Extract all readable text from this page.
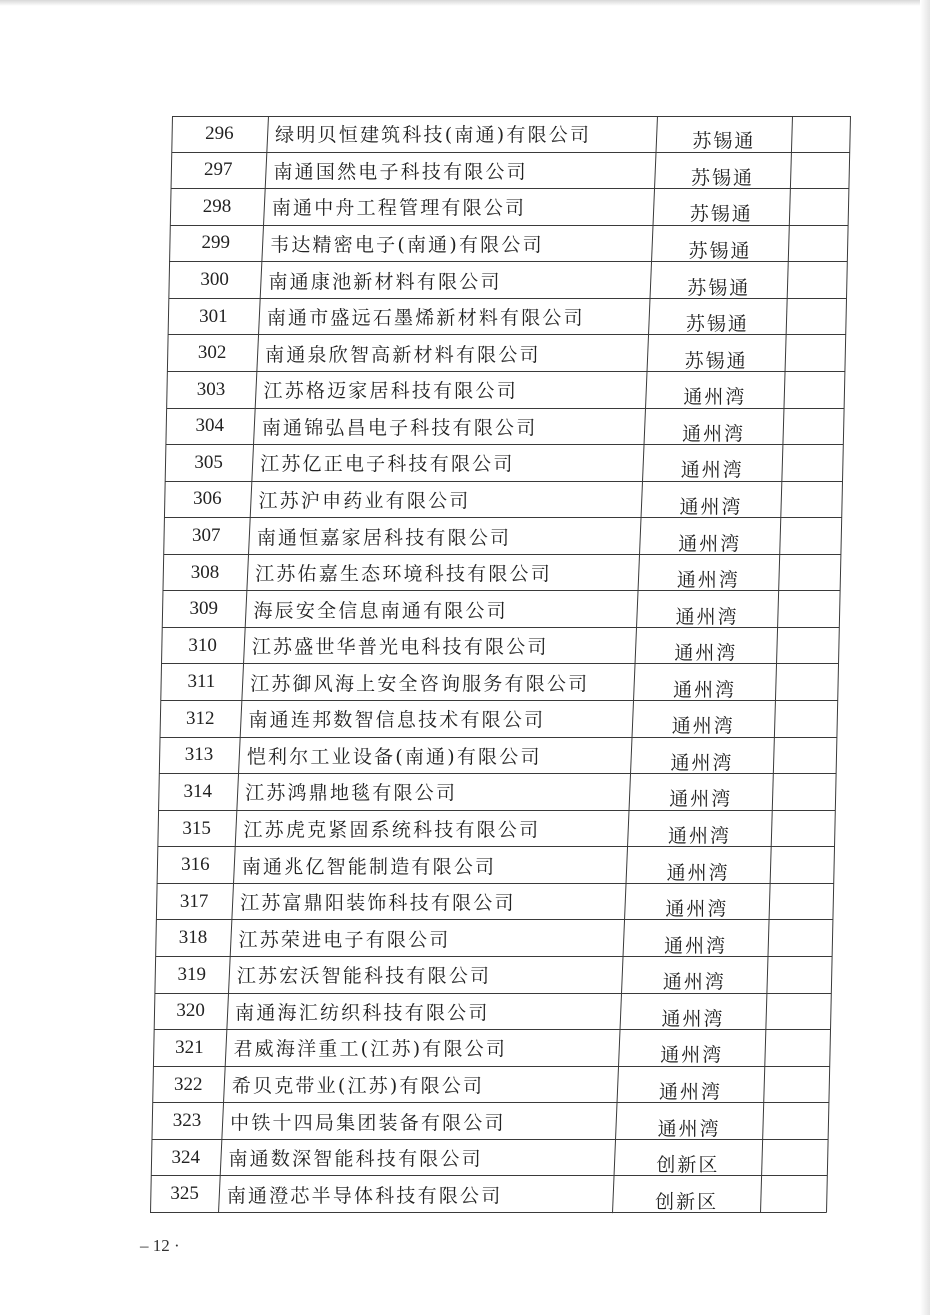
296	绿明贝恒建筑科技(南通)有限公司	苏锡通
297	南通国然电子科技有限公司	苏锡通
298	南通中舟工程管理有限公司	苏锡通
299	韦达精密电子(南通)有限公司	苏锡通
300	南通康池新材料有限公司	苏锡通
301	南通市盛远石墨烯新材料有限公司	苏锡通
302	南通泉欣智高新材料有限公司	苏锡通
303	江苏格迈家居科技有限公司	通州湾
304	南通锦弘昌电子科技有限公司	通州湾
305	江苏亿正电子科技有限公司	通州湾
306	江苏沪申药业有限公司	通州湾
307	南通恒嘉家居科技有限公司	通州湾
308	江苏佑嘉生态环境科技有限公司	通州湾
309	海辰安全信息南通有限公司	通州湾
310	江苏盛世华普光电科技有限公司	通州湾
311	江苏御风海上安全咨询服务有限公司	通州湾
312	南通连邦数智信息技术有限公司	通州湾
313	恺利尔工业设备(南通)有限公司	通州湾
314	江苏鸿鼎地毯有限公司	通州湾
315	江苏虎克紧固系统科技有限公司	通州湾
316	南通兆亿智能制造有限公司	通州湾
317	江苏富鼎阳装饰科技有限公司	通州湾
318	江苏荣进电子有限公司	通州湾
319	江苏宏沃智能科技有限公司	通州湾
320	南通海汇纺织科技有限公司	通州湾
321	君威海洋重工(江苏)有限公司	通州湾
322	希贝克带业(江苏)有限公司	通州湾
323	中铁十四局集团装备有限公司	通州湾
324	南通数深智能科技有限公司	创新区
325	南通澄芯半导体科技有限公司	创新区
– 12 ·
